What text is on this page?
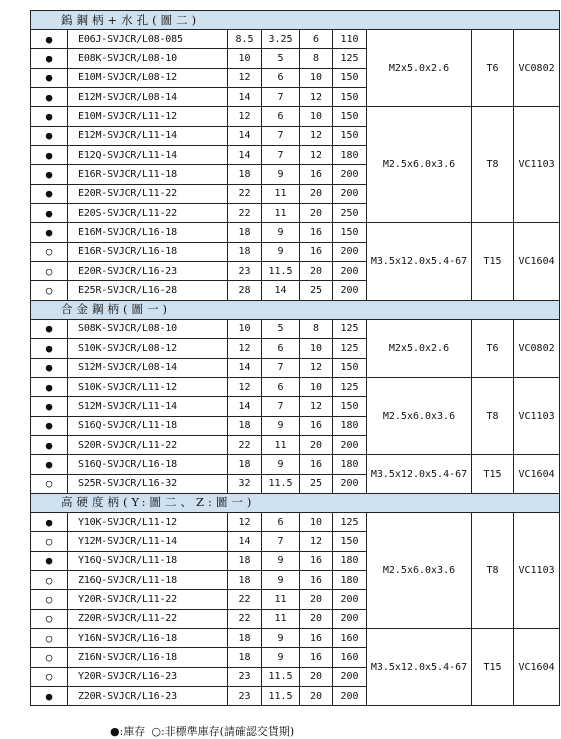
鎢鋼柄+水孔(圖二)								
●	E06J-SVJCR/L08-085	8.5	3.25	6	110	M2x5.0x2.6	T6	VC0802
●	E08K-SVJCR/L08-10	10	5	8	125			
●	E10M-SVJCR/L08-12	12	6	10	150			
●	E12M-SVJCR/L08-14	14	7	12	150			
●	E10M-SVJCR/L11-12	12	6	10	150	M2.5x6.0x3.6	T8	VC1103
●	E12M-SVJCR/L11-14	14	7	12	150			
●	E12Q-SVJCR/L11-14	14	7	12	180			
●	E16R-SVJCR/L11-18	18	9	16	200			
●	E20R-SVJCR/L11-22	22	11	20	200			
●	E20S-SVJCR/L11-22	22	11	20	250			
●	E16M-SVJCR/L16-18	18	9	16	150	M3.5x12.0x5.4-67	T15	VC1604
○	E16R-SVJCR/L16-18	18	9	16	200			
○	E20R-SVJCR/L16-23	23	11.5	20	200			
○	E25R-SVJCR/L16-28	28	14	25	200			
合金鋼柄(圖一)								
●	S08K-SVJCR/L08-10	10	5	8	125	M2x5.0x2.6	T6	VC0802
●	S10K-SVJCR/L08-12	12	6	10	125			
●	S12M-SVJCR/L08-14	14	7	12	150			
●	S10K-SVJCR/L11-12	12	6	10	125	M2.5x6.0x3.6	T8	VC1103
●	S12M-SVJCR/L11-14	14	7	12	150			
●	S16Q-SVJCR/L11-18	18	9	16	180			
●	S20R-SVJCR/L11-22	22	11	20	200			
●	S16Q-SVJCR/L16-18	18	9	16	180	M3.5x12.0x5.4-67	T15	VC1604
○	S25R-SVJCR/L16-32	32	11.5	25	200			
高硬度柄(Y:圖二、Z:圖一)								
●	Y10K-SVJCR/L11-12	12	6	10	125	M2.5x6.0x3.6	T8	VC1103
○	Y12M-SVJCR/L11-14	14	7	12	150			
●	Y16Q-SVJCR/L11-18	18	9	16	180			
○	Z16Q-SVJCR/L11-18	18	9	16	180			
○	Y20R-SVJCR/L11-22	22	11	20	200			
○	Z20R-SVJCR/L11-22	22	11	20	200			
○	Y16N-SVJCR/L16-18	18	9	16	160	M3.5x12.0x5.4-67	T15	VC1604
○	Z16N-SVJCR/L16-18	18	9	16	160			
○	Y20R-SVJCR/L16-23	23	11.5	20	200			
●	Z20R-SVJCR/L16-23	23	11.5	20	200			
●:庫存 ○:非標準庫存(請確認交貨期)
